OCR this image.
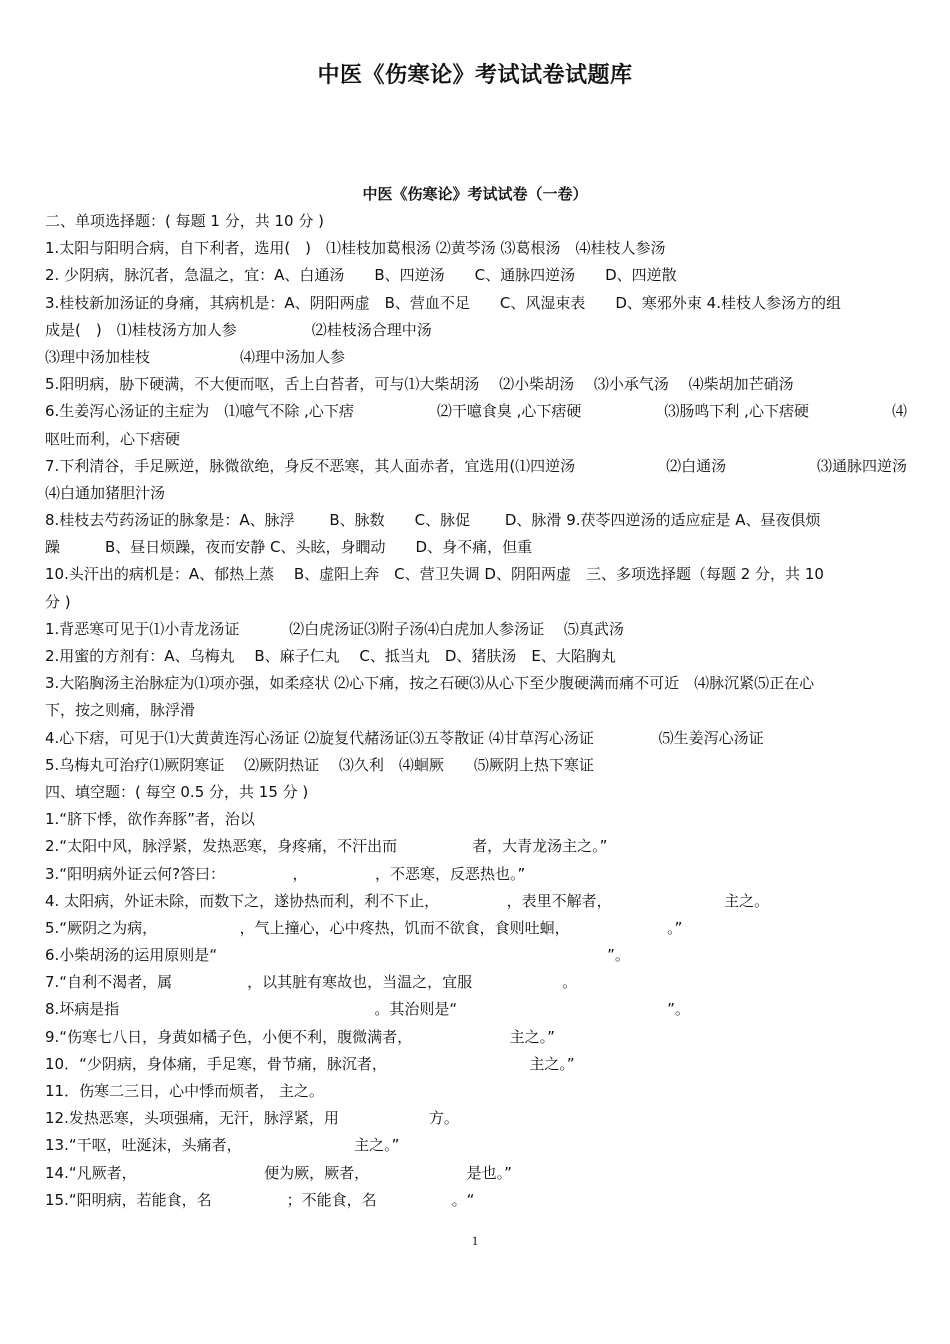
中医《伤寒论》考试试卷试题库
中医《伤寒论》考试试卷（一卷）
二、单项选择题：( 每题 1 分，共 10 分 )
1.太阳与阳明合病，自下利者，选用(　)　⑴桂枝加葛根汤 ⑵黄芩汤 ⑶葛根汤　⑷桂枝人参汤
2. 少阴病，脉沉者，急温之，宜：A、白通汤　　B、四逆汤　　C、通脉四逆汤　　D、四逆散
3.桂枝新加汤证的身痛，其病机是：A、阴阳两虚　B、营血不足　　C、风湿束表　　D、寒邪外束 4.桂枝人参汤方的组
成是(　)　⑴桂枝汤方加人参　　　　　⑵桂枝汤合理中汤
⑶理中汤加桂枝　　　　　　⑷理中汤加人参
5.阳明病，胁下硬满，不大便而呕，舌上白苔者，可与⑴大柴胡汤　 ⑵小柴胡汤　 ⑶小承气汤　 ⑷柴胡加芒硝汤
6.生姜泻心汤证的主症为　⑴噫气不除 ,心下痞	⑵干噫食臭 ,心下痞硬	⑶肠鸣下利 ,心下痞硬	⑷
呕吐而利，心下痞硬
7.下利清谷，手足厥逆，脉微欲绝，身反不恶寒，其人面赤者，宜选用(⑴四逆汤	⑵白通汤	⑶通脉四逆汤
⑷白通加猪胆汁汤
8.桂枝去芍药汤证的脉象是：A、脉浮　　 B、脉数　　C、脉促　　 D、脉滑 9.茯苓四逆汤的适应症是 A、昼夜俱烦
躁　　　B、昼日烦躁，夜而安静 C、头眩，身瞤动　　D、身不痛，但重
10.头汗出的病机是：A、郁热上蒸　 B、虚阳上奔　C、营卫失调 D、阴阳两虚　三、多项选择题（每题 2 分，共 10
分 )
1.背恶寒可见于⑴小青龙汤证　　　 ⑵白虎汤证⑶附子汤⑷白虎加人参汤证　 ⑸真武汤
2.用蜜的方剂有：A、乌梅丸　 B、麻子仁丸　 C、抵当丸　D、猪肤汤　E、大陷胸丸
3.大陷胸汤主治脉症为⑴项亦强，如柔痉状 ⑵心下痛，按之石硬⑶从心下至少腹硬满而痛不可近　⑷脉沉紧⑸正在心
下，按之则痛，脉浮滑
4.心下痞，可见于⑴大黄黄连泻心汤证 ⑵旋复代赭汤证⑶五苓散证 ⑷甘草泻心汤证　　　　 ⑸生姜泻心汤证
5.乌梅丸可治疗⑴厥阴寒证　 ⑵厥阴热证　 ⑶久利　⑷蛔厥　　⑸厥阴上热下寒证
四、填空题：( 每空 0.5 分，共 15 分 )
1.“脐下悸，欲作奔豚”者，治以
2.“太阳中风，脉浮紧，发热恶寒，身疼痛，不汗出而　　　　　者，大青龙汤主之。”
3.“阳明病外证云何?答曰：　　　　　，　　　　　，不恶寒，反恶热也。”
4. 太阳病，外证未除，而数下之，遂协热而利，利不下止，　　　　　，表里不解者，　　　　　　　　主之。
5.“厥阴之为病，　　　　　　，气上撞心，心中疼热，饥而不欲食，食则吐蛔，　　　　　　　。”
6.小柴胡汤的运用原则是“　　　　　　　　　　　　　　　　　　　　　　　　　　”。
7.“自利不渴者，属　　　　　，以其脏有寒故也，当温之，宜服　　　　　　。
8.坏病是指　　　　　　　　　　　　　　　　　。其治则是“　　　　　　　　　　　　　　”。
9.“伤寒七八日，身黄如橘子色，小便不利，腹微满者，　　　　　　　主之。”
10．“少阴病，身体痛，手足寒，骨节痛，脉沉者，　　　　　　　　　　主之。”
11．伤寒二三日，心中悸而烦者， 主之。
12.发热恶寒，头项强痛，无汗，脉浮紧，用　　　　　　方。
13.“干呕，吐涎沫，头痛者，　　　　　　　　主之。”
14.“凡厥者，　　　　　　　　　便为厥，厥者，　　　　　　　是也。”
15.“阳明病，若能食，名　　　　　；不能食，名　　　　　。“
1
